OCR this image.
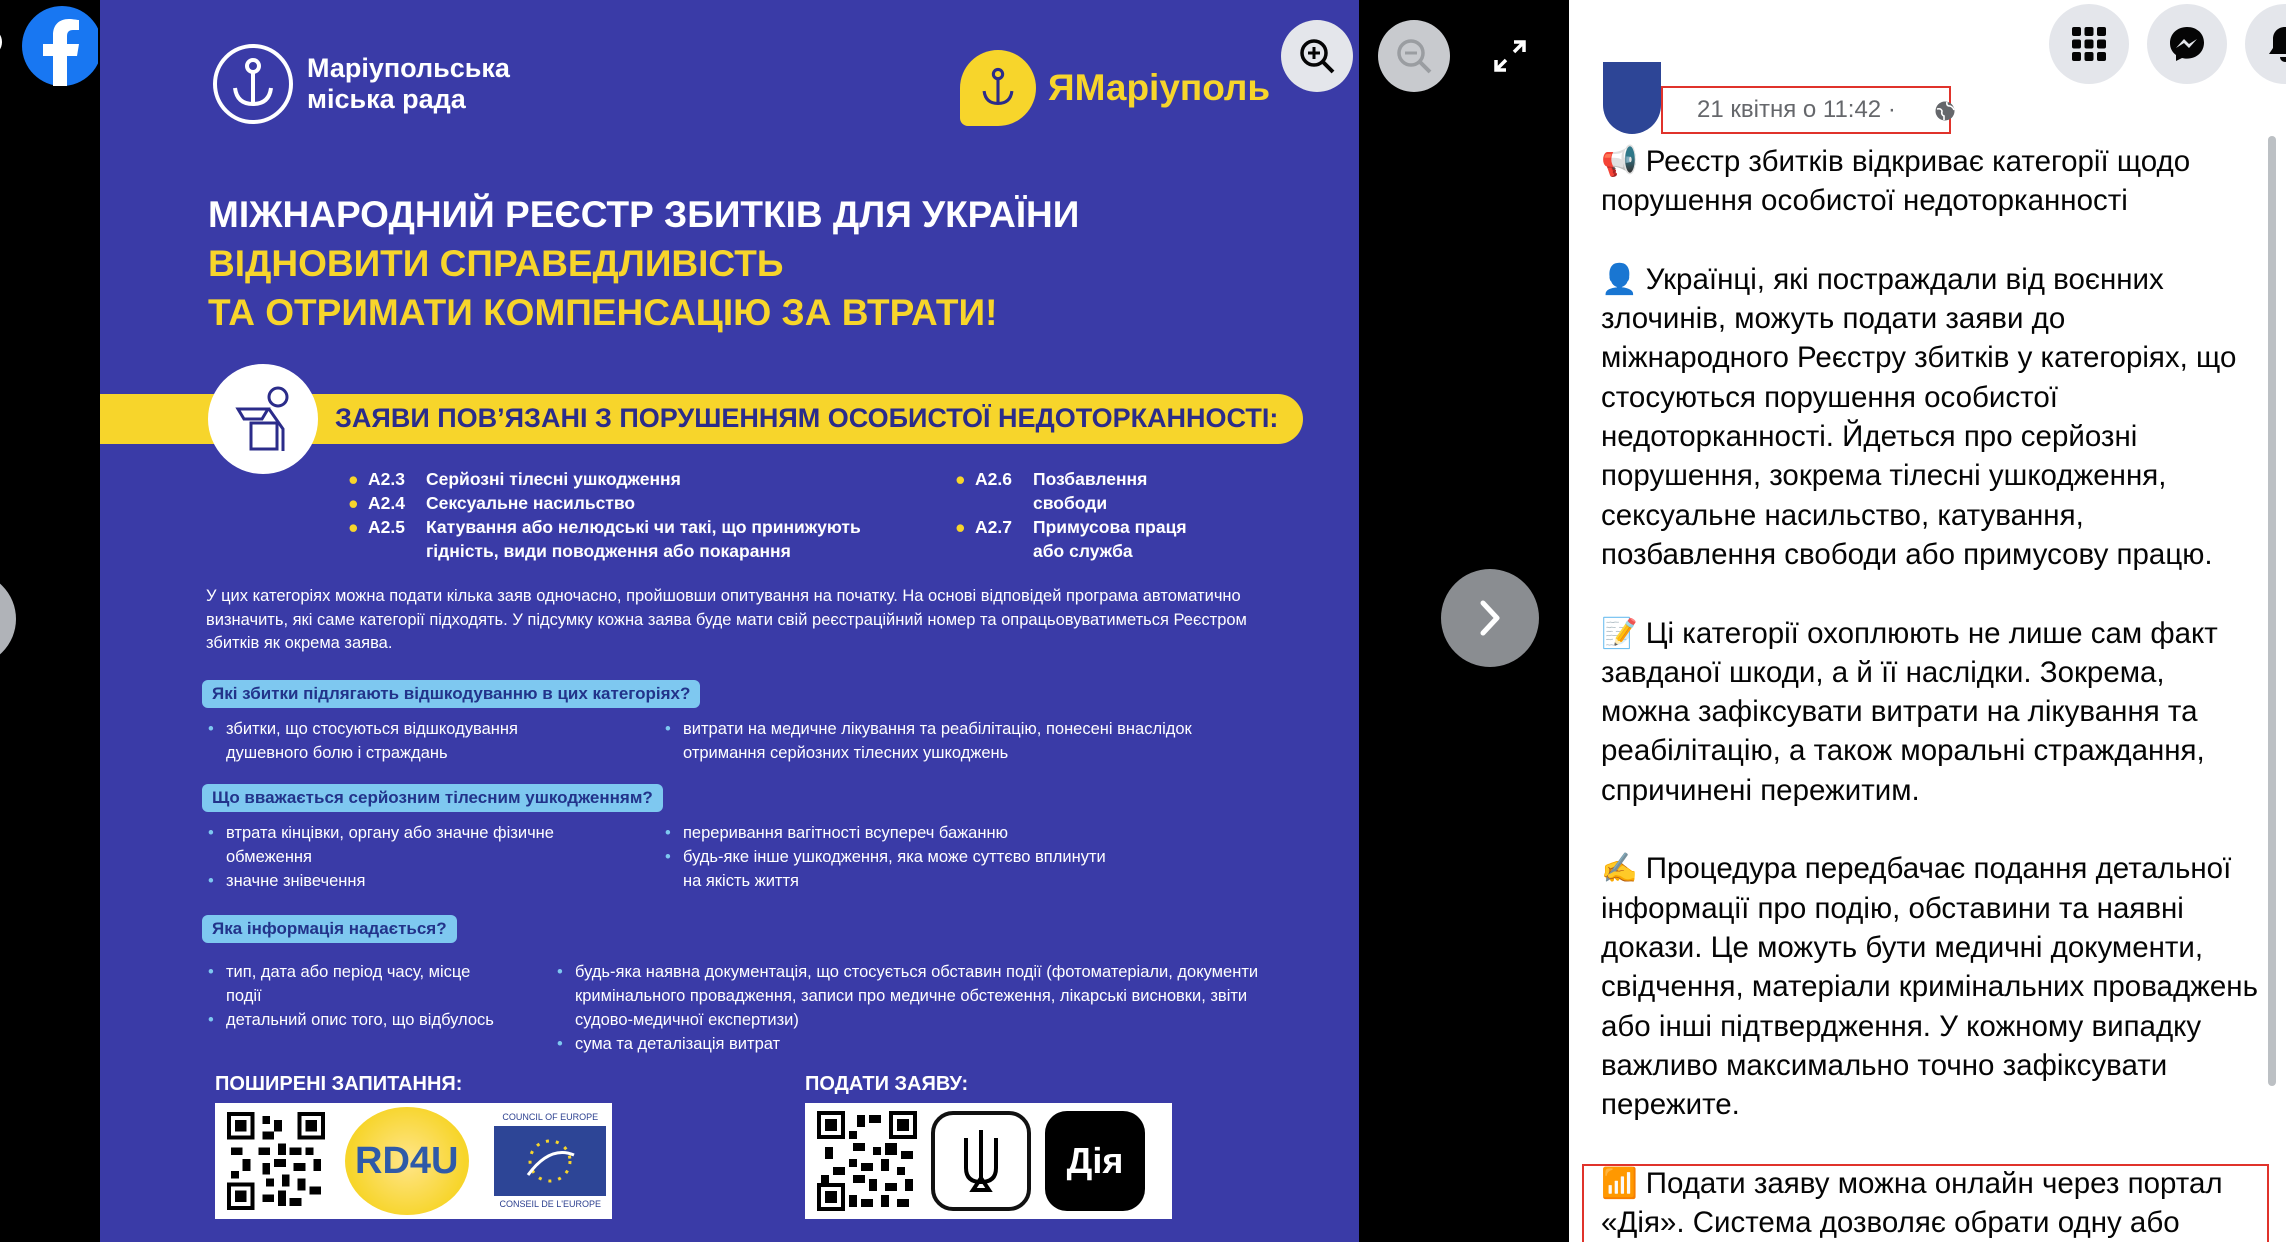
Маріупольська міська рада	ЯМаріуполь
МІЖНАРОДНИЙ РЕЄСТР ЗБИТКІВ ДЛЯ УКРАЇНИ
ВІДНОВИТИ СПРАВЕДЛИВІСТЬ
ТА ОТРИМАТИ КОМПЕНСАЦІЮ ЗА ВТРАТИ!
ЗАЯВИ ПОВ’ЯЗАНІ З ПОРУШЕННЯМ ОСОБИСТОЇ НЕДОТОРКАННОСТІ:
● A2.3	Серйозні тілесні ушкодження
● A2.4	Сексуальне насильство
● A2.5	Катування або нелюдські чи такі, що принижують гідність, види поводження або покарання
● A2.6	Позбавлення свободи
● A2.7	Примусова праця або служба
У цих категоріях можна подати кілька заяв одночасно, пройшовши опитування на початку. На основі відповідей програма автоматично визначить, які саме категорії підходять. У підсумку кожна заява буде мати свій реєстраційний номер та опрацьовуватиметься Реєстром збитків як окрема заява.
Які збитки підлягають відшкодуванню в цих категоріях?
• збитки, що стосуються відшкодування душевного болю і страждань
• витрати на медичне лікування та реабілітацію, понесені внаслідок отримання серйозних тілесних ушкоджень
Що вважається серйозним тілесним ушкодженням?
• втрата кінцівки, органу або значне фізичне обмеження
• значне знівечення
• переривання вагітності всупереч бажанню
• будь-яке інше ушкодження, яка може суттєво вплинути на якість життя
Яка інформація надається?
• тип, дата або період часу, місце події
• детальний опис того, що відбулось
• будь-яка наявна документація, що стосується обставин події (фотоматеріали, документи кримінального провадження, записи про медичне обстеження, лікарські висновки, звіти судово-медичної експертизи)
• сума та деталізація витрат
ПОШИРЕНІ ЗАПИТАННЯ:	ПОДАТИ ЗАЯВУ:
RD4U
COUNCIL OF EUROPE
CONSEIL DE L'EUROPE
Дія
21 квітня о 11:42 ·
📢 Реєстр збитків відкриває категорії щодо порушення особистої недоторканності
👤 Українці, які постраждали від воєнних злочинів, можуть подати заяви до міжнародного Реєстру збитків у категоріях, що стосуються порушення особистої недоторканності. Йдеться про серйозні порушення, зокрема тілесні ушкодження, сексуальне насильство, катування, позбавлення свободи або примусову працю.
📝 Ці категорії охоплюють не лише сам факт завданої шкоди, а й її наслідки. Зокрема, можна зафіксувати витрати на лікування та реабілітацію, а також моральні страждання, спричинені пережитим.
✍️ Процедура передбачає подання детальної інформації про подію, обставини та наявні докази. Це можуть бути медичні документи, свідчення, матеріали кримінальних проваджень або інші підтвердження. У кожному випадку важливо максимально точно зафіксувати пережите.
📶 Подати заяву можна онлайн через портал «Дія». Система дозволяє обрати одну або
